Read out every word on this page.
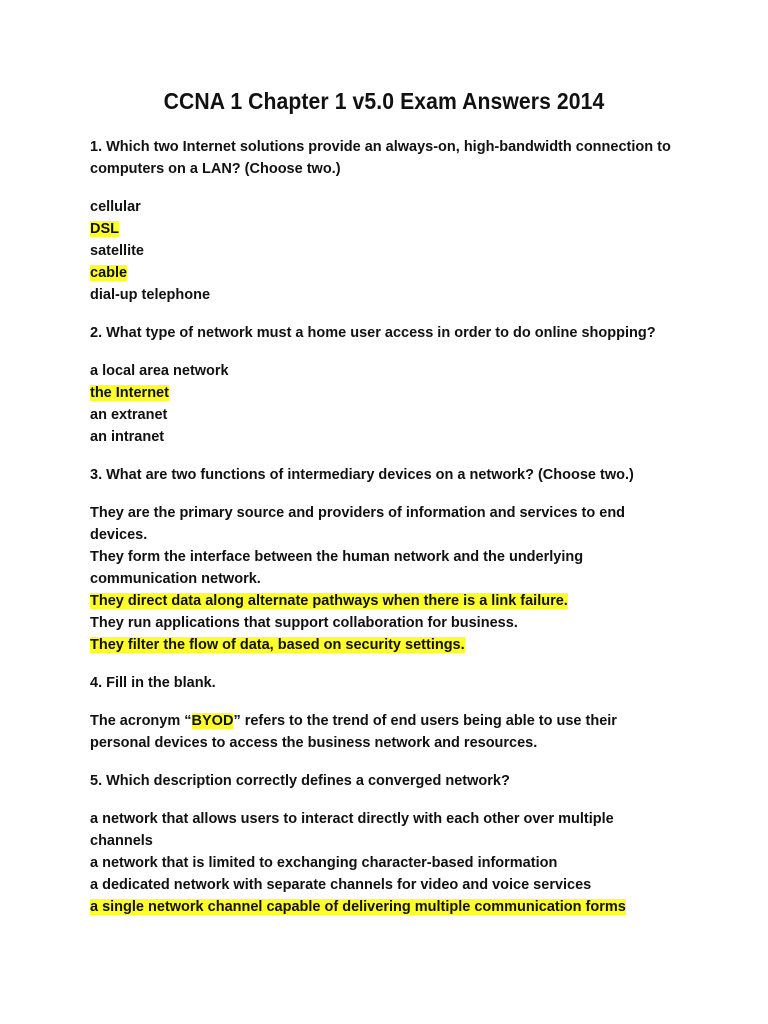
CCNA 1 Chapter 1 v5.0 Exam Answers 2014

1. Which two Internet solutions provide an always-on, high-bandwidth connection to computers on a LAN? (Choose two.)

cellular
DSL
satellite
cable
dial-up telephone

2. What type of network must a home user access in order to do online shopping?

a local area network
the Internet
an extranet
an intranet

3. What are two functions of intermediary devices on a network? (Choose two.)

They are the primary source and providers of information and services to end devices.
They form the interface between the human network and the underlying communication network.
They direct data along alternate pathways when there is a link failure.
They run applications that support collaboration for business.
They filter the flow of data, based on security settings.

4. Fill in the blank.

The acronym “BYOD” refers to the trend of end users being able to use their personal devices to access the business network and resources.

5. Which description correctly defines a converged network?

a network that allows users to interact directly with each other over multiple channels
a network that is limited to exchanging character-based information
a dedicated network with separate channels for video and voice services
a single network channel capable of delivering multiple communication forms
